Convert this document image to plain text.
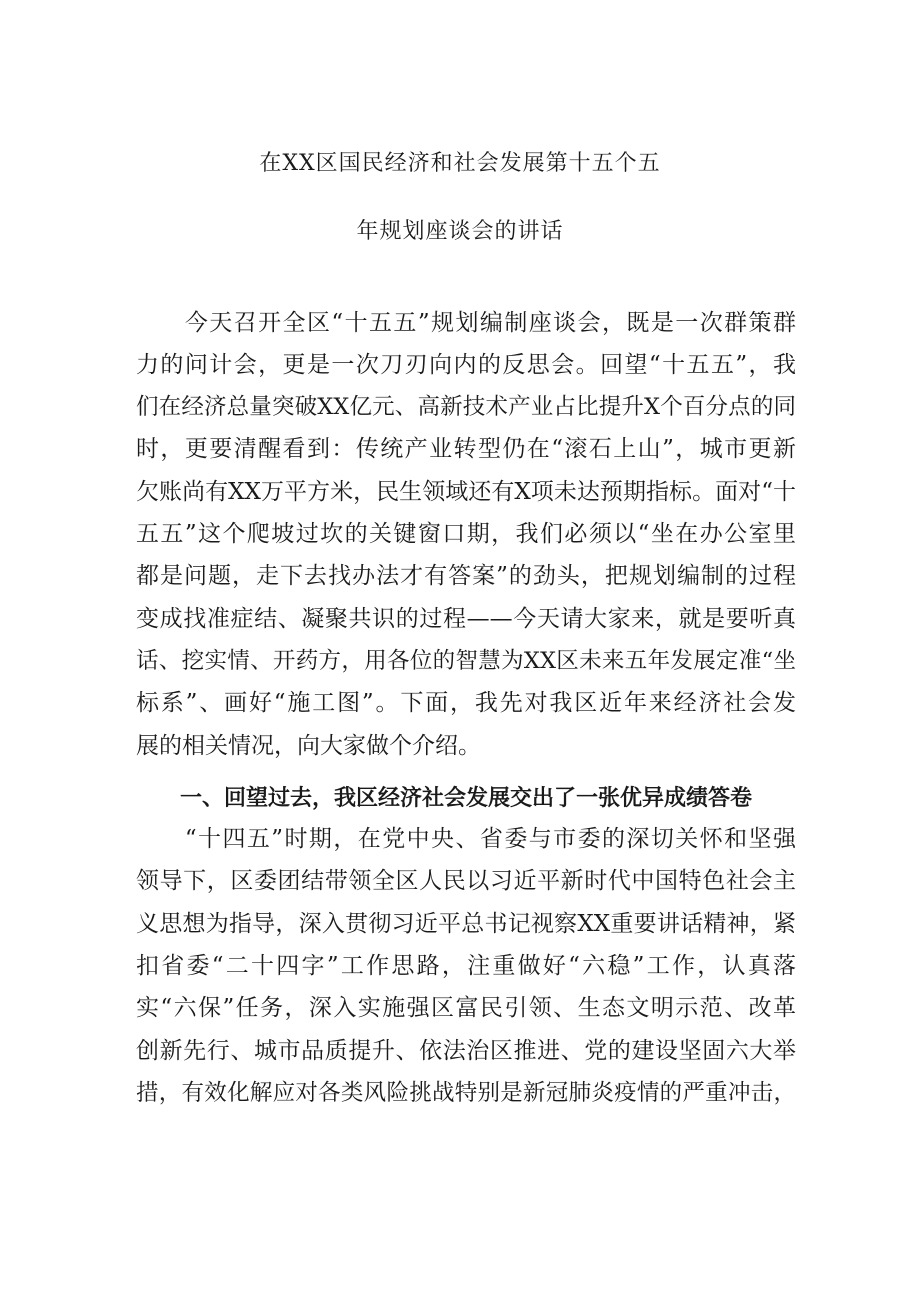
在XX区国民经济和社会发展第十五个五
年规划座谈会的讲话
　　今天召开全区“十五五”规划编制座谈会，既是一次群策群
力的问计会，更是一次刀刃向内的反思会。回望“十五五”，我
们在经济总量突破XX亿元、高新技术产业占比提升X个百分点的同
时，更要清醒看到：传统产业转型仍在“滚石上山”，城市更新
欠账尚有XX万平方米，民生领域还有X项未达预期指标。面对“十
五五”这个爬坡过坎的关键窗口期，我们必须以“坐在办公室里
都是问题，走下去找办法才有答案”的劲头，把规划编制的过程
变成找准症结、凝聚共识的过程——今天请大家来，就是要听真
话、挖实情、开药方，用各位的智慧为XX区未来五年发展定准“坐
标系”、画好“施工图”。下面，我先对我区近年来经济社会发
展的相关情况，向大家做个介绍。
　　一、回望过去，我区经济社会发展交出了一张优异成绩答卷
　　“十四五”时期，在党中央、省委与市委的深切关怀和坚强
领导下，区委团结带领全区人民以习近平新时代中国特色社会主
义思想为指导，深入贯彻习近平总书记视察XX重要讲话精神，紧
扣省委“二十四字”工作思路，注重做好“六稳”工作，认真落
实“六保”任务，深入实施强区富民引领、生态文明示范、改革
创新先行、城市品质提升、依法治区推进、党的建设坚固六大举
措，有效化解应对各类风险挑战特别是新冠肺炎疫情的严重冲击，
